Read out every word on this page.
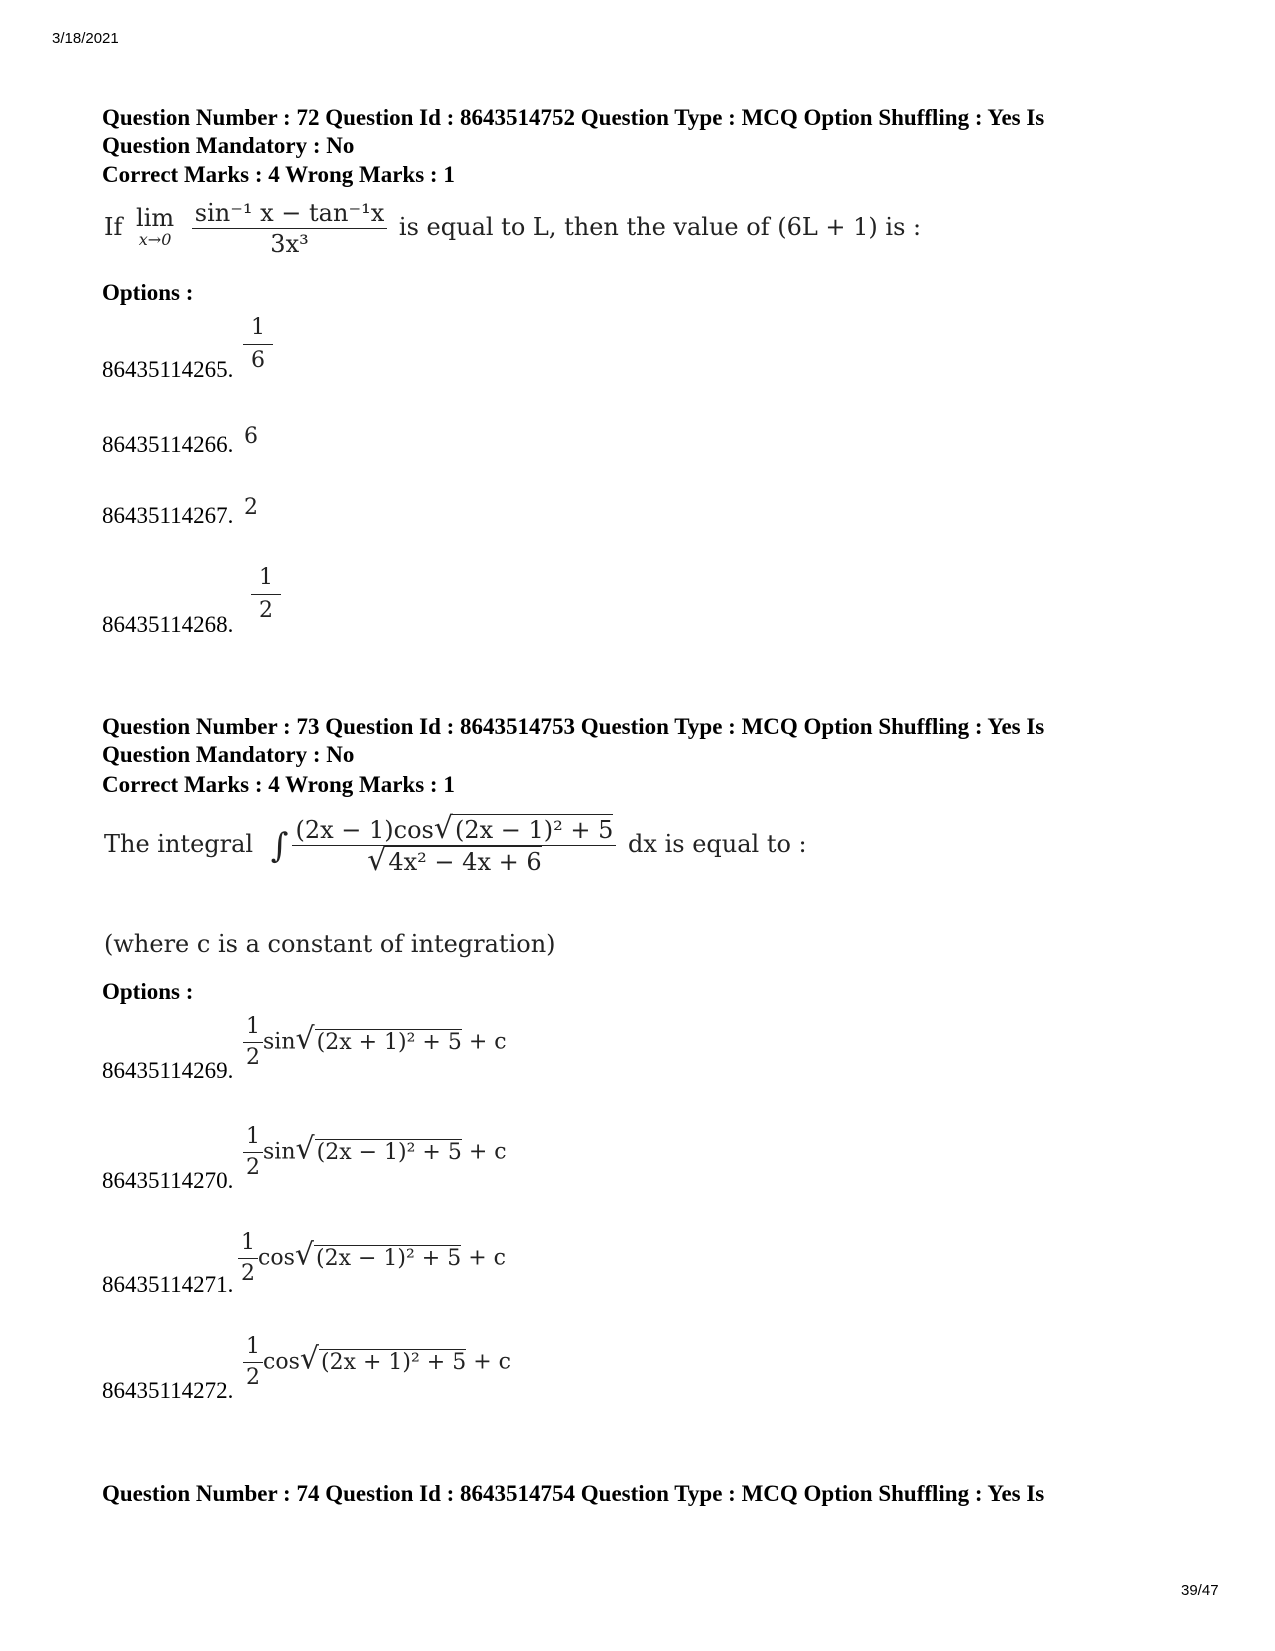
3/18/2021
Question Number : 72 Question Id : 8643514752 Question Type : MCQ Option Shuffling : Yes Is
Question Mandatory : No
Correct Marks : 4 Wrong Marks : 1
If lim
x→0
$\frac{\text{sin⁻¹ x − tan⁻¹x}}{\text{3x³}}$ is equal to L, then the value of (6L + 1) is :
Options :
86435114265. $\frac{1}{6}$
86435114266. 6
86435114267. 2
86435114268. $\frac{1}{2}$
Question Number : 73 Question Id : 8643514753 Question Type : MCQ Option Shuffling : Yes Is
Question Mandatory : No
Correct Marks : 4 Wrong Marks : 1
The integral ∫ $\frac{\text{(2x − 1)cos√(2x − 1)² + 5}}{\text{√4x² − 4x + 6}}$ dx is equal to :
(where c is a constant of integration)
Options :
86435114269. $\frac{1}{2} \sin√(2x + 1)^2 + 5 + c$
86435114270. $\frac{1}{2} \sin√(2x - 1)^2 + 5 + c$
86435114271. $\frac{1}{2} \cos√(2x - 1)^2 + 5 + c$
86435114272. $\frac{1}{2} \cos√(2x + 1)^2 + 5 + c$
Question Number : 74 Question Id : 8643514754 Question Type : MCQ Option Shuffling : Yes Is
39/47
